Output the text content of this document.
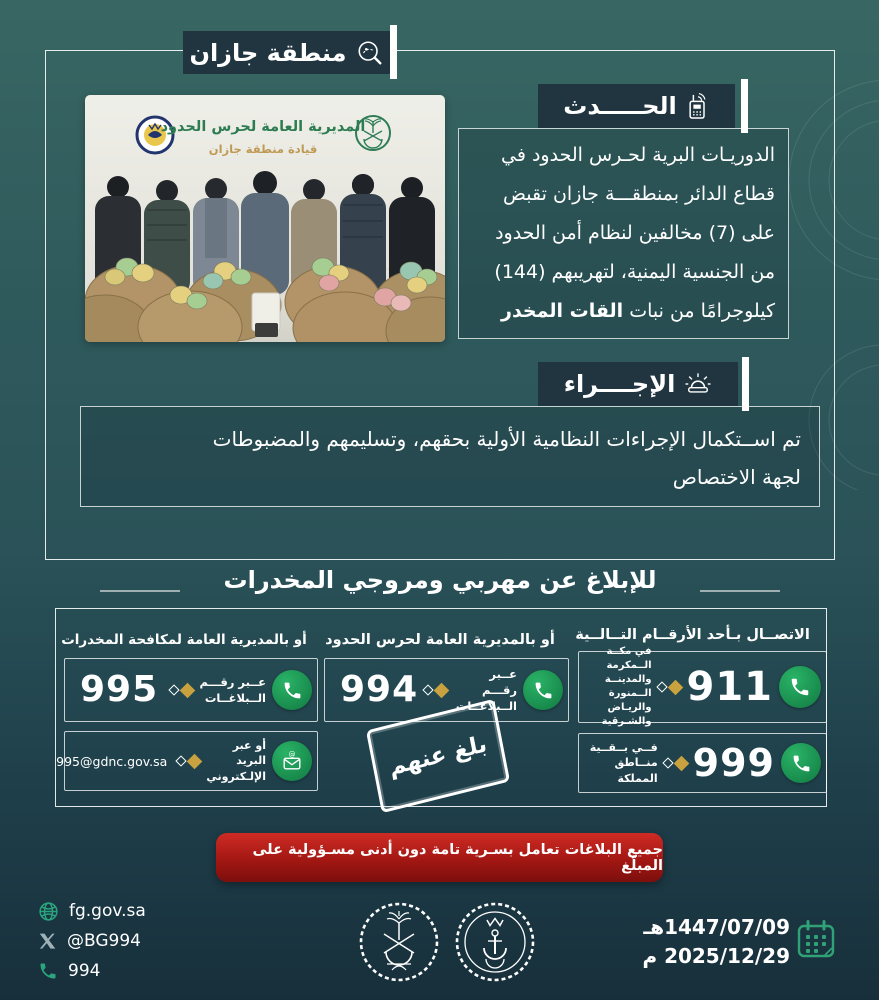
منطقة جازان
المديرية العامة لحرس الحدود
قيادة منطقة جازان
الحـــــدث
الدوريـات البرية لحـرس الحدود في
قطاع الدائر بمنطقـــة جازان تقبض
على (7) مخالفين لنظام أمن الحدود
من الجنسية اليمنية، لتهريبهم (144)
كيلوجرامًا من نبات القات المخدر
الإجــــراء
تم اســتكمال الإجراءات النظامية الأولية بحقهم، وتسليمهم والمضبوطات
لجهة الاختصاص
للإبلاغ عن مهربي ومروجي المخدرات
الاتصــال بـأحد الأرقــام التــالــية
911
في مكــة الــمكرمة
والمدينــة الــمنورة
والريـاض والشـرقية
999
فــي بــقــية
منــاطق المملكة
أو بالمديرية العامة لحرس الحدود
عــبر رقـــم
الــبلاغــات
994
بلغ عنهم
أو بالمديرية العامة لمكافحة المخدرات
عــبر رقـــم
الــبلاغــات
995
@
أو عبر البريد
الإلـكتروني
995@gdnc.gov.sa
جميع البلاغات تعامل بسـرية تامة دون أدنى مسـؤولية على المبلّغ
fg.gov.sa
@BG994
994
1447/07/09هـ
2025/12/29 م
